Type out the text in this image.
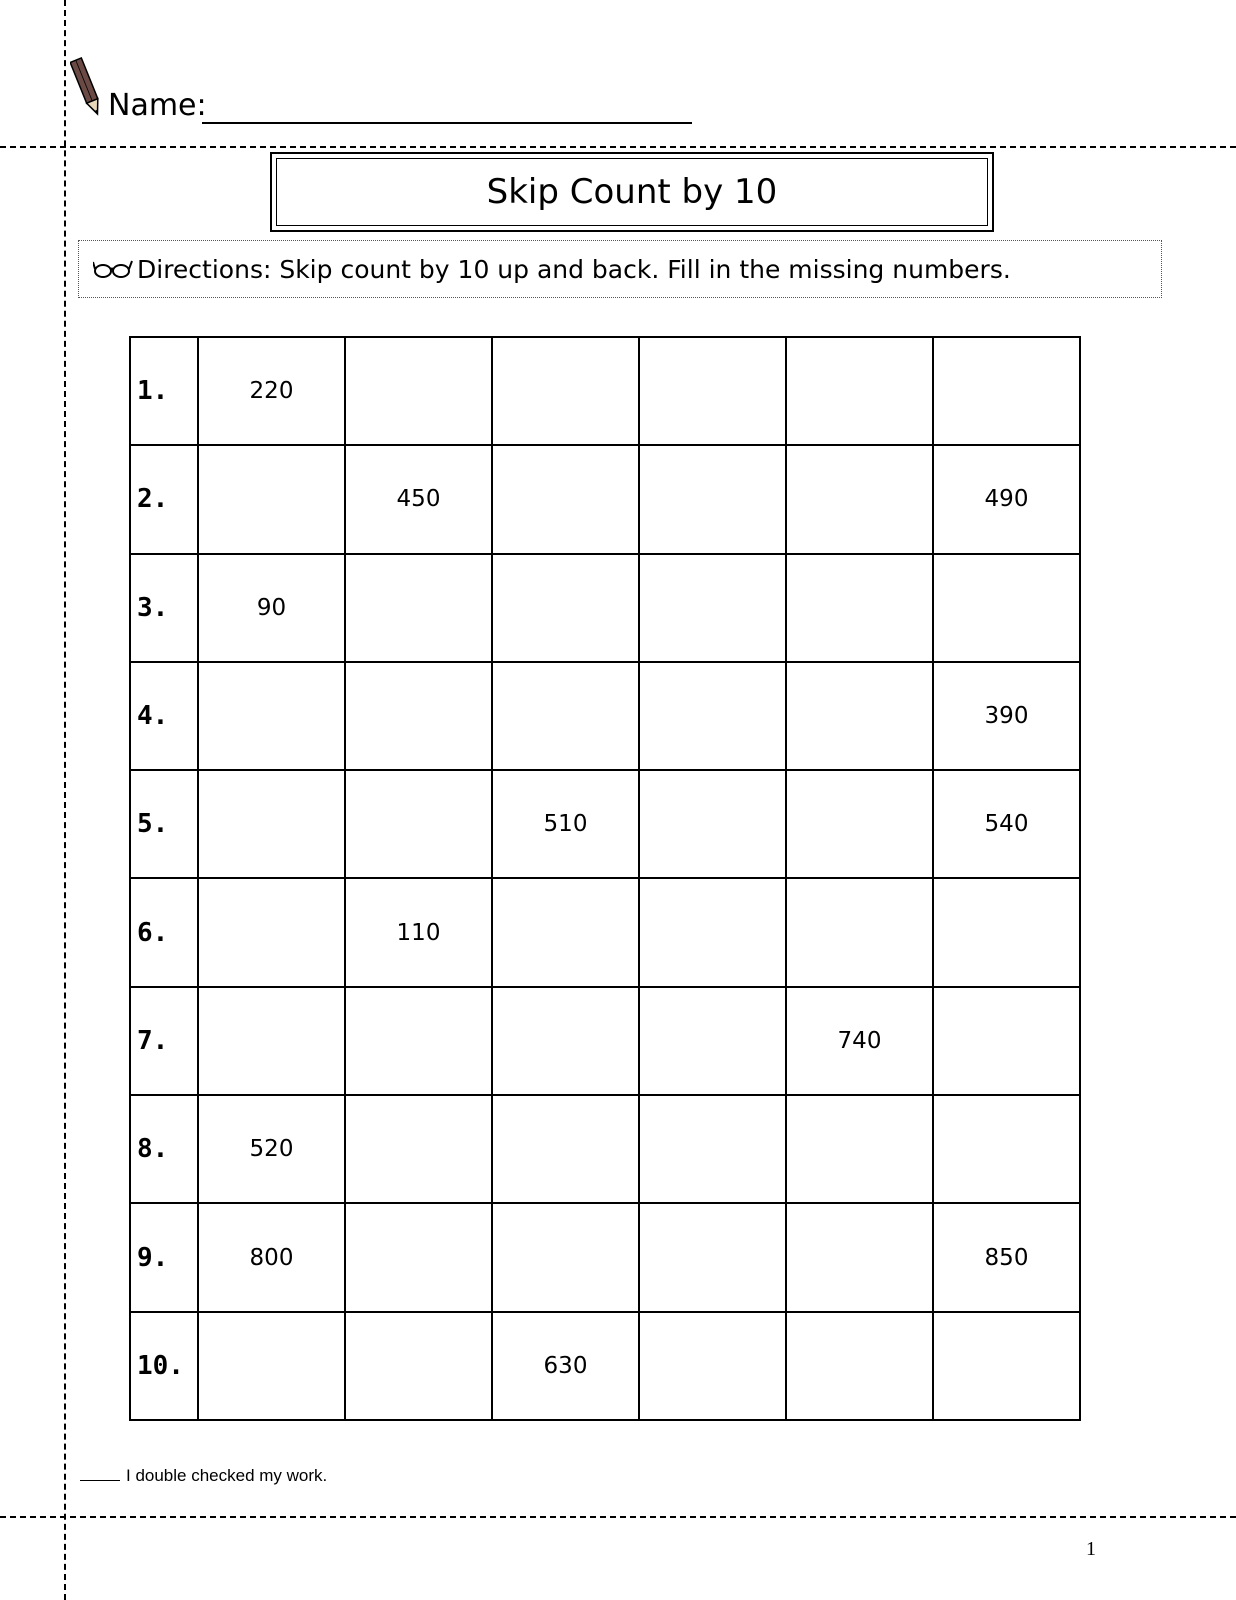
Name:
Skip Count by 10
Directions: Skip count by 10 up and back. Fill in the missing numbers.
1.	220					
2.		450				490
3.	90					
4.						390
5.			510			540
6.		110				
7.					740	
8.	520					
9.	800					850
10.			630			
I double checked my work.
1
